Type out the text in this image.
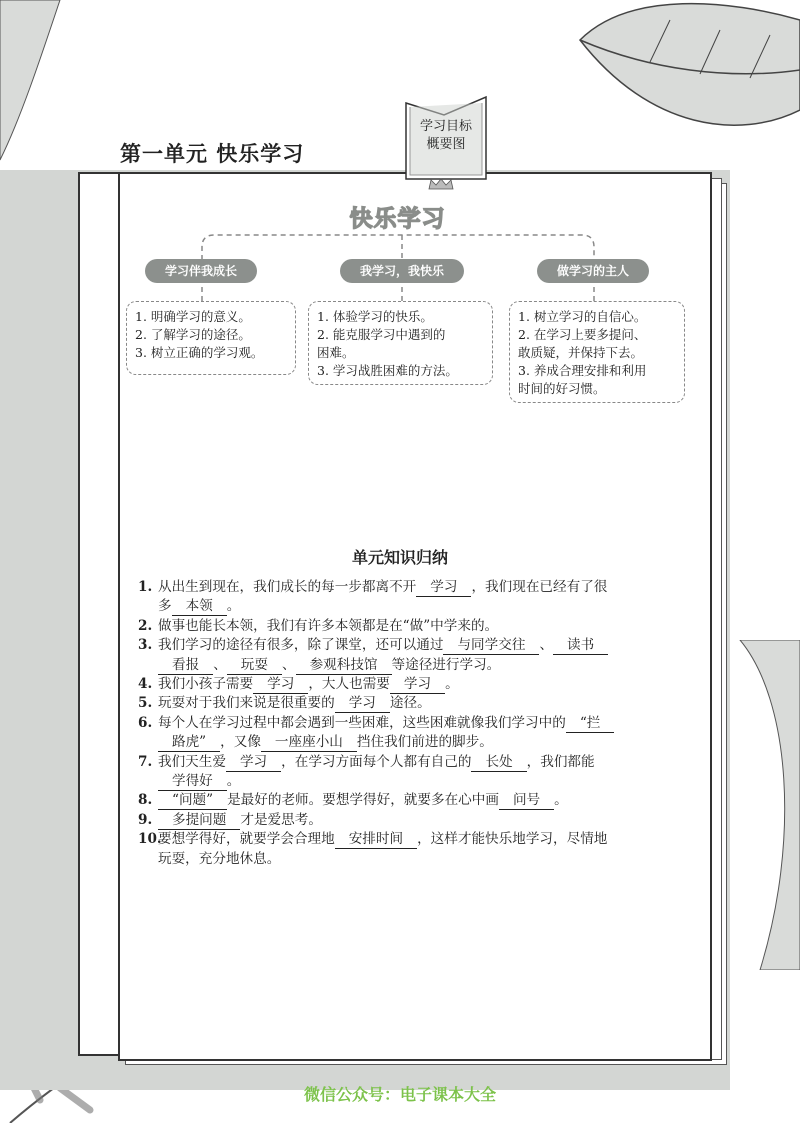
第一单元 快乐学习
学习目标
概要图
快乐学习
学习伴我成长	我学习，我快乐	做学习的主人
1. 明确学习的意义。
2. 了解学习的途径。
3. 树立正确的学习观。
1. 体验学习的快乐。
2. 能克服学习中遇到的
困难。
3. 学习战胜困难的方法。
1. 树立学习的自信心。
2. 在学习上要多提问、
敢质疑，并保持下去。
3. 养成合理安排和利用
时间的好习惯。
单元知识归纳
1. 从出生到现在，我们成长的每一步都离不开 学习 ，我们现在已经有了很
多 本领 。
2. 做事也能长本领，我们有许多本领都是在“做”中学来的。
3. 我们学习的途径有很多，除了课堂，还可以通过 与同学交往 、 读书
看报 、 玩耍 、 参观科技馆 等途径进行学习。
4. 我们小孩子需要 学习 ，大人也需要 学习 。
5. 玩耍对于我们来说是很重要的 学习 途径。
6. 每个人在学习过程中都会遇到一些困难，这些困难就像我们学习中的 “拦
路虎” ，又像 一座座小山 挡住我们前进的脚步。
7. 我们天生爱 学习 ，在学习方面每个人都有自己的 长处 ，我们都能
学得好 。
8. “问题” 是最好的老师。要想学得好，就要多在心中画 问号 。
9. 多提问题 才是爱思考。
10.
要想学得好，就要学会合理地 安排时间 ，这样才能快乐地学习，尽情地
玩耍，充分地休息。
微信公众号：电子课本大全
